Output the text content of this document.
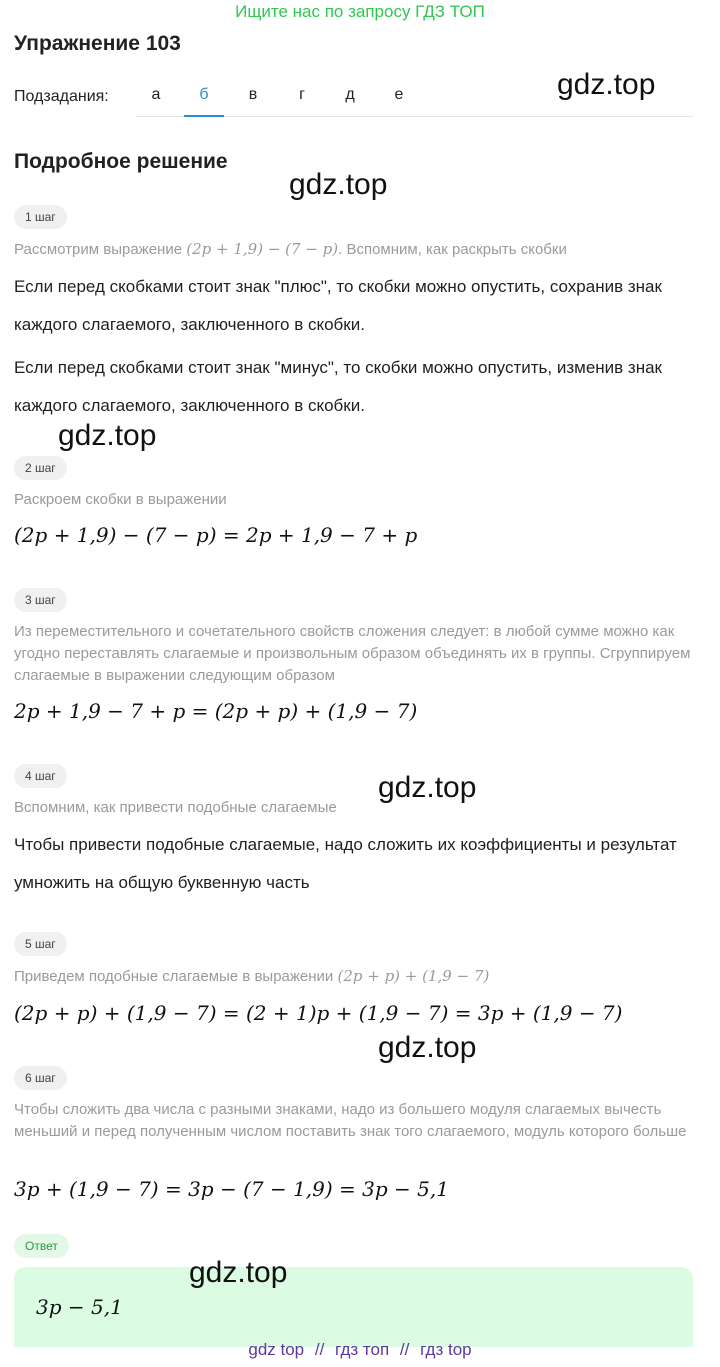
Ищите нас по запросу ГДЗ ТОП
Упражнение 103
Подзадания:	а	б	в	г	д	е	gdz.top
gdz.top
gdz.top
gdz.top
gdz.top
gdz.top
Подробное решение
1 шаг
Рассмотрим выражение (2p + 1,9) − (7 − p). Вспомним, как раскрыть скобки
Если перед скобками стоит знак "плюс", то скобки можно опустить, сохранив знак каждого слагаемого, заключенного в скобки.
Если перед скобками стоит знак "минус", то скобки можно опустить, изменив знак каждого слагаемого, заключенного в скобки.
2 шаг
Раскроем скобки в выражении
(2p + 1,9) − (7 − p) = 2p + 1,9 − 7 + p
3 шаг
Из переместительного и сочетательного свойств сложения следует: в любой сумме можно как угодно переставлять слагаемые и произвольным образом объединять их в группы. Сгруппируем слагаемые в выражении следующим образом
2p + 1,9 − 7 + p = (2p + p) + (1,9 − 7)
4 шаг
Вспомним, как привести подобные слагаемые
Чтобы привести подобные слагаемые, надо сложить их коэффициенты и результат умножить на общую буквенную часть
5 шаг
Приведем подобные слагаемые в выражении (2p + p) + (1,9 − 7)
(2p + p) + (1,9 − 7) = (2 + 1)p + (1,9 − 7) = 3p + (1,9 − 7)
6 шаг
Чтобы сложить два числа с разными знаками, надо из большего модуля слагаемых вычесть меньший и перед полученным числом поставить знак того слагаемого, модуль которого больше
3p + (1,9 − 7) = 3p − (7 − 1,9) = 3p − 5,1
Ответ
3p − 5,1
gdz top // гдз топ // гдз top
